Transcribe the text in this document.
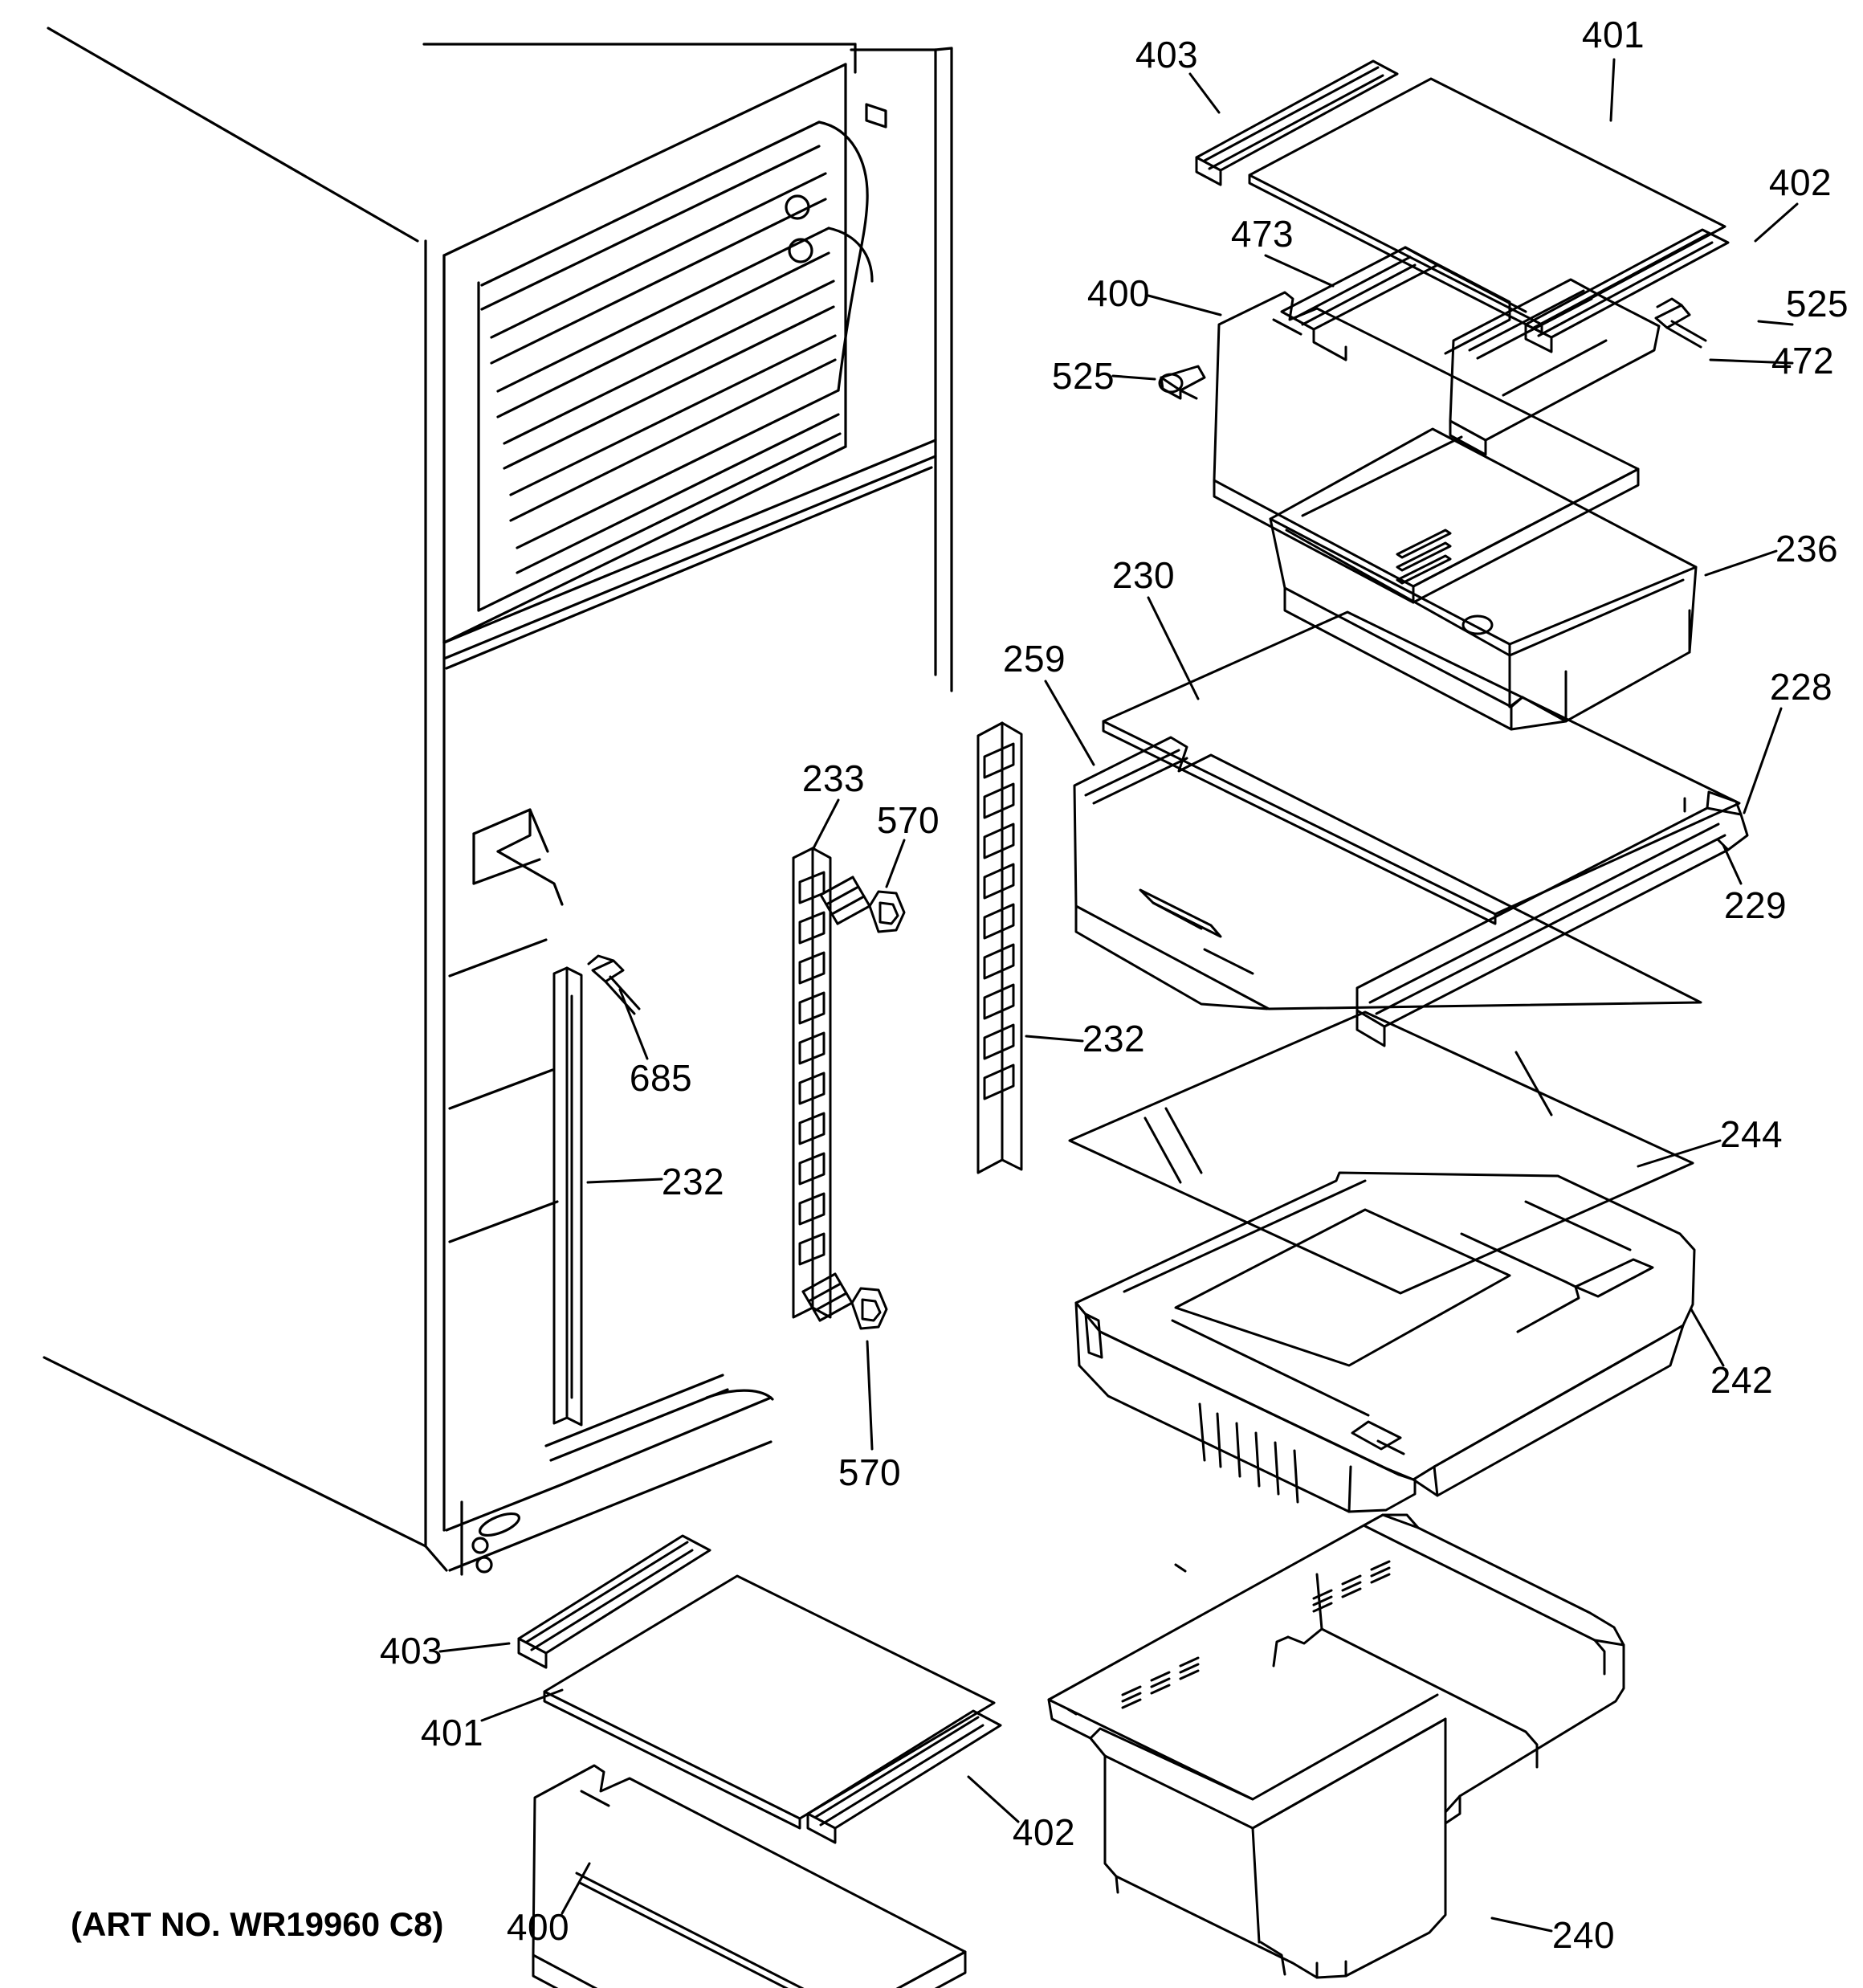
403	401
402
473
400	525
472
525
236
230
259
228
229
233
570
232
685
232
244
242
570
403
401
402
400	240
(ART NO. WR19960 C8)
